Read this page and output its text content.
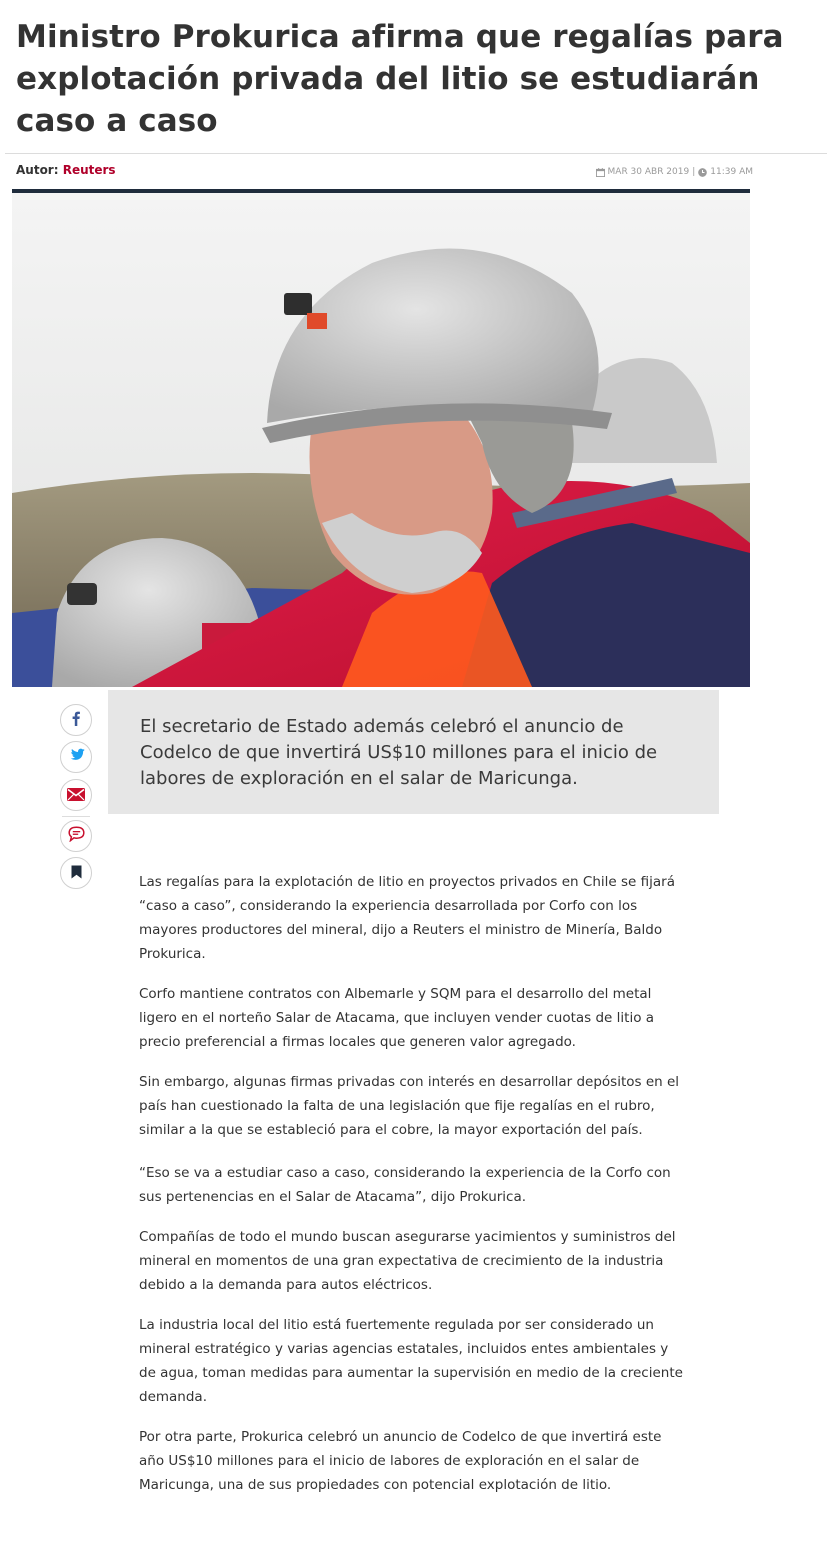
Ministro Prokurica afirma que regalías para explotación privada del litio se estudiarán caso a caso
Autor: Reuters	MAR 30 ABR 2019 | 11:39 AM

El secretario de Estado además celebró el anuncio de Codelco de que invertirá US$10 millones para el inicio de labores de exploración en el salar de Maricunga.

Las regalías para la explotación de litio en proyectos privados en Chile se fijará “caso a caso”, considerando la experiencia desarrollada por Corfo con los mayores productores del mineral, dijo a Reuters el ministro de Minería, Baldo Prokurica.

Corfo mantiene contratos con Albemarle y SQM para el desarrollo del metal ligero en el norteño Salar de Atacama, que incluyen vender cuotas de litio a precio preferencial a firmas locales que generen valor agregado.

Sin embargo, algunas firmas privadas con interés en desarrollar depósitos en el país han cuestionado la falta de una legislación que fije regalías en el rubro, similar a la que se estableció para el cobre, la mayor exportación del país.

“Eso se va a estudiar caso a caso, considerando la experiencia de la Corfo con sus pertenencias en el Salar de Atacama”, dijo Prokurica.

Compañías de todo el mundo buscan asegurarse yacimientos y suministros del mineral en momentos de una gran expectativa de crecimiento de la industria debido a la demanda para autos eléctricos.

La industria local del litio está fuertemente regulada por ser considerado un mineral estratégico y varias agencias estatales, incluidos entes ambientales y de agua, toman medidas para aumentar la supervisión en medio de la creciente demanda.

Por otra parte, Prokurica celebró un anuncio de Codelco de que invertirá este año US$10 millones para el inicio de labores de exploración en el salar de Maricunga, una de sus propiedades con potencial explotación de litio.
